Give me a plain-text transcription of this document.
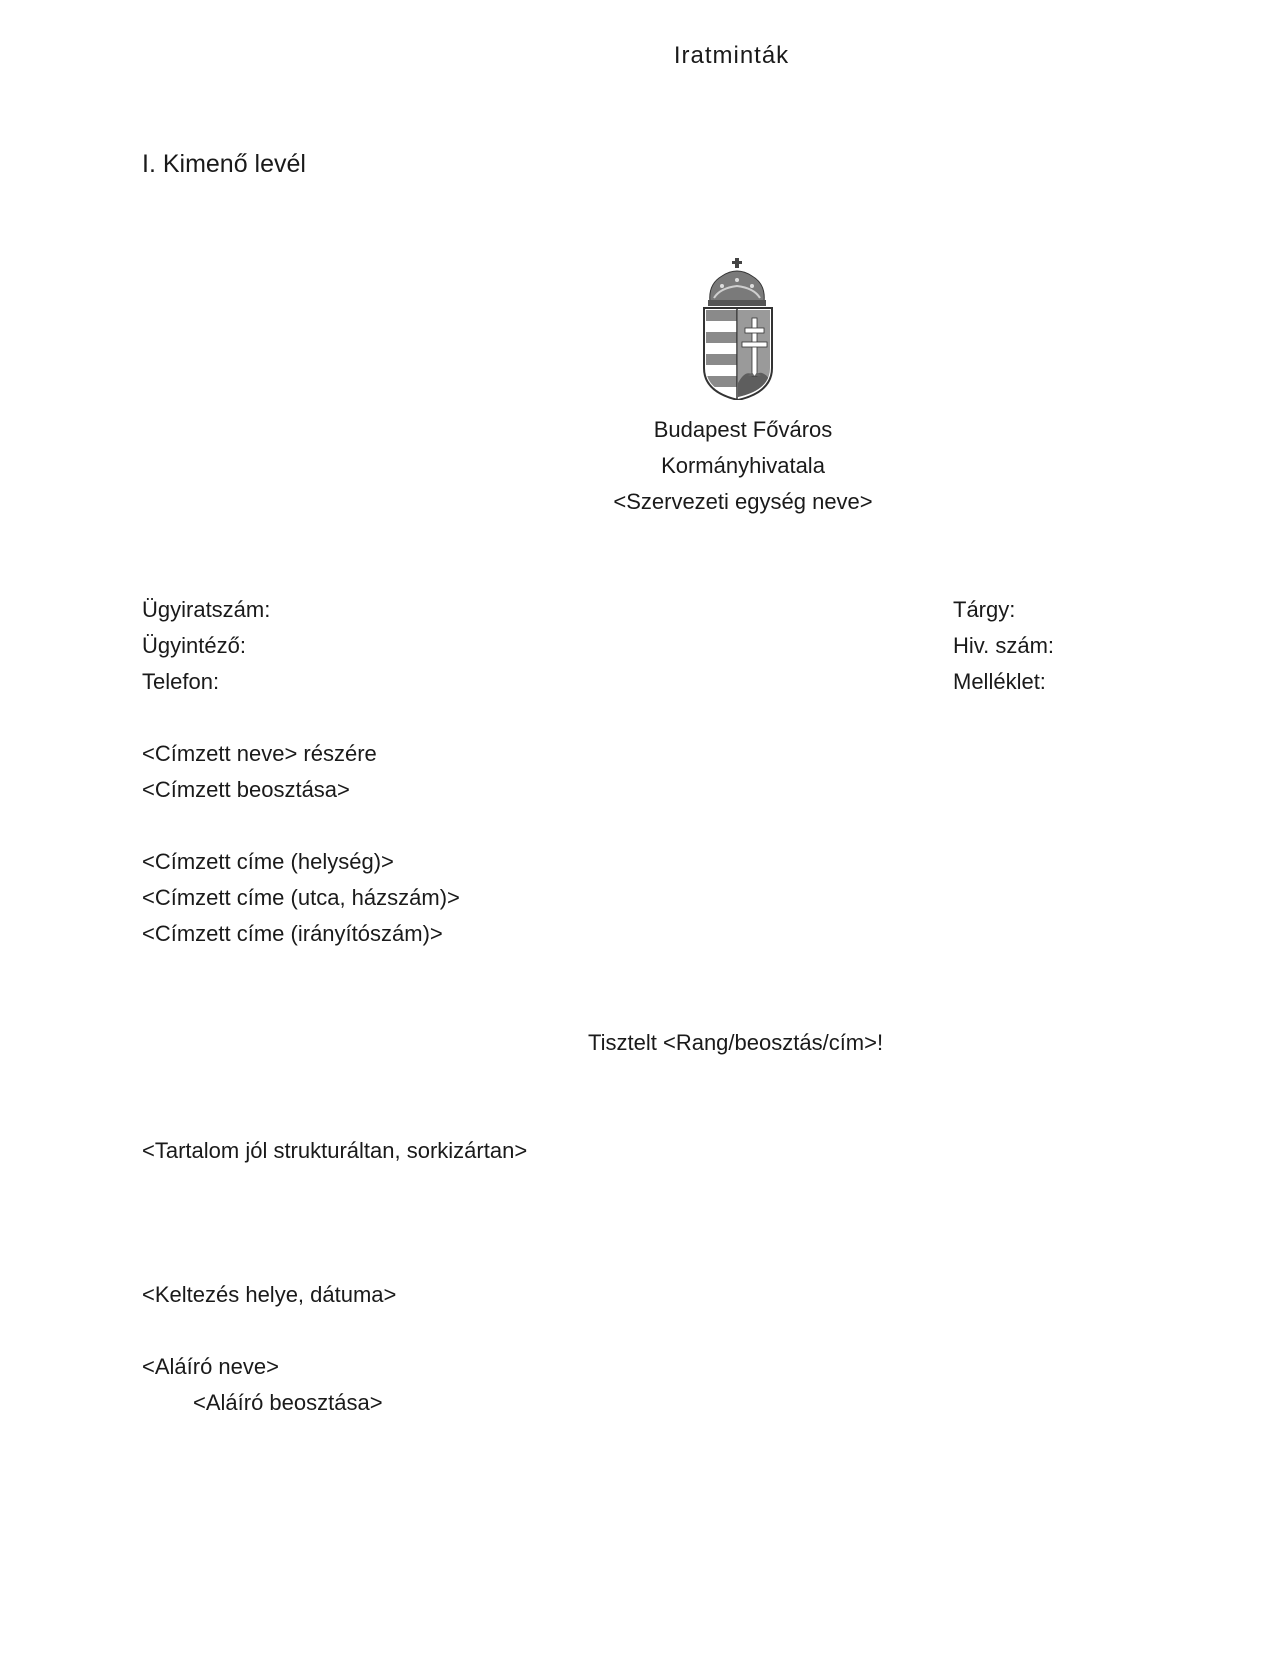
Iratminták
I. Kimenő levél
Budapest Főváros
Kormányhivatala
<Szervezeti egység neve>
Ügyiratszám:
Ügyintéző:
Telefon:
Tárgy:
Hiv. szám:
Melléklet:
<Címzett neve> részére
<Címzett beosztása>
<Címzett címe (helység)>
<Címzett címe (utca, házszám)>
<Címzett címe (irányítószám)>
Tisztelt <Rang/beosztás/cím>!
<Tartalom jól strukturáltan, sorkizártan>
<Keltezés helye, dátuma>
<Aláíró neve>
<Aláíró beosztása>
